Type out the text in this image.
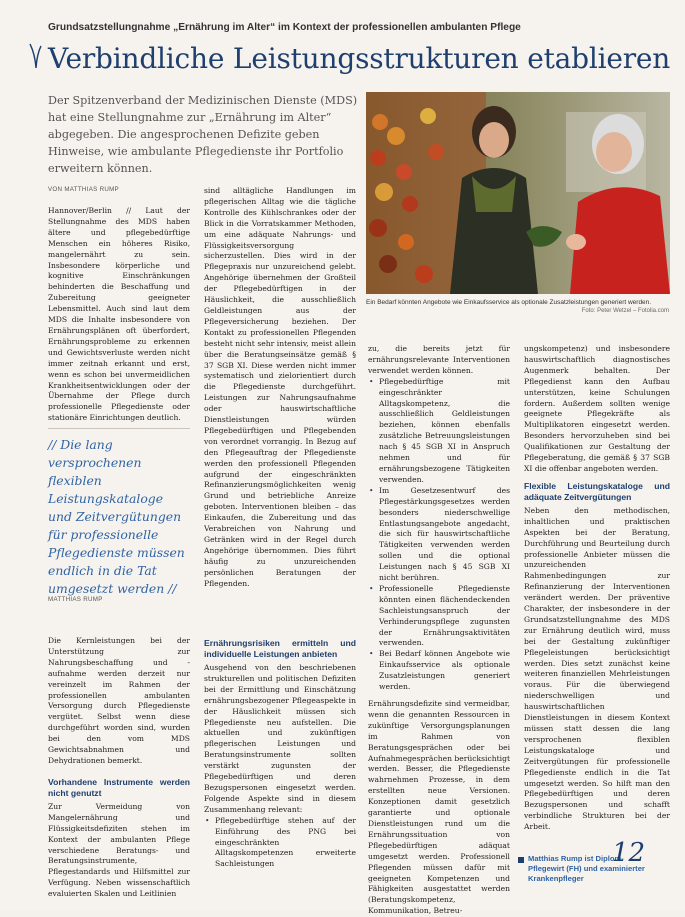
Grundsatzstellungnahme „Ernährung im Alter“ im Kontext der professionellen ambulanten Pflege
Verbindliche Leistungsstrukturen etablieren
Der Spitzenverband der Medizinischen Dienste (MDS) hat eine Stellungnahme zur „Ernährung im Alter“ abgegeben. Die angesprochenen Defizite geben Hinweise, wie ambulante Pflegedienste ihr Portfolio erweitern können.
Ein Bedarf könnten Angebote wie Einkaufsservice als optionale Zusatzleistungen generiert werden.
Foto: Peter Wetzel – Fotolia.com
VON MATTHIAS RUMP

Hannover/Berlin // Laut der Stellungnahme des MDS haben ältere und pflegebedürftige Menschen ein höheres Risiko, mangelernährt zu sein. Insbesondere körperliche und kognitive Einschränkungen behinderten die Beschaffung und Zubereitung geeigneter Lebensmittel. Auch sind laut dem MDS die Inhalte insbesondere von Ernährungsplänen oft überfordert, Ernährungsprobleme zu erkennen und Gewichtsverluste werden nicht immer zeitnah erkannt und erst, wenn es schon bei unvermeidlichen Krankheitsentwicklungen oder der Übernahme der Pflege durch professionelle Pflegedienste oder stationäre Einrichtungen deutlich.

// Die lang versprochenen flexiblen Leistungskataloge und Zeitvergütungen für professionelle Pflegedienste müssen endlich in die Tat umgesetzt werden //
MATTHIAS RUMP

Die Kernleistungen bei der Unterstützung zur Nahrungsbeschaffung und -aufnahme werden derzeit nur vereinzelt im Rahmen der professionellen ambulanten Versorgung durch Pflegedienste vergütet. Selbst wenn diese durchgeführt worden sind, wurden bei den vom MDS Gewichtsabnahmen und Dehydrationen bemerkt.

Vorhandene Instrumente werden nicht genutzt

Zur Vermeidung von Mangelernährung und Flüssigkeitsdefiziten stehen im Kontext der ambulanten Pflege verschiedene Beratungs- und Beratungsinstrumente, Pflegestandards und Hilfsmittel zur Verfügung. Neben wissenschaftlich evaluierten Skalen und Leitlinien

sind alltägliche Handlungen im pflegerischen Alltag wie die tägliche Kontrolle des Kühlschrankes oder der Blick in die Vorratskammer Methoden, um eine adäquate Nahrungs- und Flüssigkeitsversorgung sicherzustellen. Dies wird in der Pflegepraxis nur unzureichend gelebt. Angehörige übernehmen der Großteil der Pflegebedürftigen in der Häuslichkeit, die ausschließlich Geldleistungen aus der Pflegeversicherung beziehen. Der Kontakt zu professionellen Pflegenden besteht nicht sehr intensiv, meist allein über die Beratungseinsätze gemäß § 37 SGB XI. Diese werden nicht immer systematisch und zielorientiert durch die Pflegedienste durchgeführt. Leistungen zur Nahrungsaufnahme oder hauswirtschaftliche Dienstleistungen würden Pflegebedürftigen und Pflegebenden von verordnet vorrangig. In Bezug auf den Pflegeauftrag der Pflegedienste werden den professionell Pflegenden aufgrund der eingeschränkten Refinanzierungsmöglichkeiten wenig Grund und betriebliche Anreize geboten. Interventionen bleiben – das Einkaufen, die Zubereitung und das Verabreichen von Nahrung und Getränken wird in der Regel durch Angehörige übernommen. Dies führt häufig zu unzureichenden persönlichen Beratungen der Pflegenden.

Ernährungsrisiken ermitteln und individuelle Leistungen anbieten

Ausgehend von den beschriebenen strukturellen und politischen Defiziten bei der Ermittlung und Einschätzung ernährungsbezogener Pflegeaspekte in der Häuslichkeit müssen sich Pflegedienste neu aufstellen. Die aktuellen und zukünftigen pflegerischen Leistungen und Beratungsinstrumente sollten verstärkt zugunsten der Pflegebedürftigen und deren Bezugspersonen eingesetzt werden. Folgende Aspekte sind in diesem Zusammenhang relevant:

• Pflegebedürftige stehen auf der Einführung des PNG bei eingeschränkten Alltagskompetenzen erweiterte Sachleistungen

zu, die bereits jetzt für ernährungsrelevante Interventionen verwendet werden können.

• Pflegebedürftige mit eingeschränkter Alltagskompetenz, die ausschließlich Geldleistungen beziehen, können ebenfalls zusätzliche Betreuungsleistungen nach § 45 SGB XI in Anspruch nehmen und für ernährungsbezogene Tätigkeiten verwenden.
• Im Gesetzesentwurf des Pflegestärkungsgesetzes werden besonders niederschwellige Entlastungsangebote angedacht, die sich für hauswirtschaftliche Tätigkeiten verwenden werden sollen und die optional Leistungen nach § 45 SGB XI nicht berühren.
• Professionelle Pflegedienste könnten einen flächendeckenden Sachleistungsanspruch der Verhinderungspflege zugunsten der Ernährungsaktivitäten verwenden.
• Bei Bedarf können Angebote wie Einkaufsservice als optionale Zusatzleistungen generiert werden.

Ernährungsdefizite sind vermeidbar, wenn die genannten Ressourcen in zukünftige Versorgungsplanungen im Rahmen von Beratungsgesprächen oder bei Aufnahmegesprächen berücksichtigt werden. Besser, die Pflegedienste wahrnehmen Prozesse, in dem erstellten neue Versionen. Konzeptionen damit gesetzlich garantierte und optionale Dienstleistungen rund um die Ernährungssituation von Pflegebedürftigen adäquat umgesetzt werden. Professionell Pflegenden müssen dafür mit geeigneten Kompetenzen und Fähigkeiten ausgestattet werden (Beratungskompetenz, Kommunikation, Betreu-

ungskompetenz) und insbesondere hauswirtschaftlich diagnostisches Augenmerk behalten. Der Pflegedienst kann den Aufbau unterstützen, keine Schulungen fordern. Außerdem sollten wenige geeignete Pflegekräfte als Multiplikatoren eingesetzt werden. Besonders hervorzuheben sind bei Qualifikationen zur Gestaltung der Pflegeberatung, die gemäß § 37 SGB XI die offenbar angeboten werden.

Flexible Leistungskataloge und adäquate Zeitvergütungen

Neben den methodischen, inhaltlichen und praktischen Aspekten bei der Beratung, Durchführung und Beurteilung durch professionelle Anbieter müssen die unzureichenden Rahmenbedingungen zur Refinanzierung der Interventionen verändert werden. Der präventive Charakter, der insbesondere in der Grundsatzstellungnahme des MDS zur Ernährung deutlich wird, muss bei der Gestaltung zukünftiger Pflegeleistungen berücksichtigt werden. Dies setzt zunächst keine weiteren finanziellen Mehrleistungen voraus. Für die überwiegend niederschwelligen und hauswirtschaftlichen Dienstleistungen in diesem Kontext müssen statt dessen die lang versprochenen flexiblen Leistungskataloge und Zeitvergütungen für professionelle Pflegedienste endlich in die Tat umgesetzt werden. So hilft man den Pflegebedürftigen und deren Bezugspersonen und schafft verbindliche Strukturen bei der Arbeit.

Matthias Rump ist Diplom-Pflegewirt (FH) und examinierter Krankenpfleger
12
